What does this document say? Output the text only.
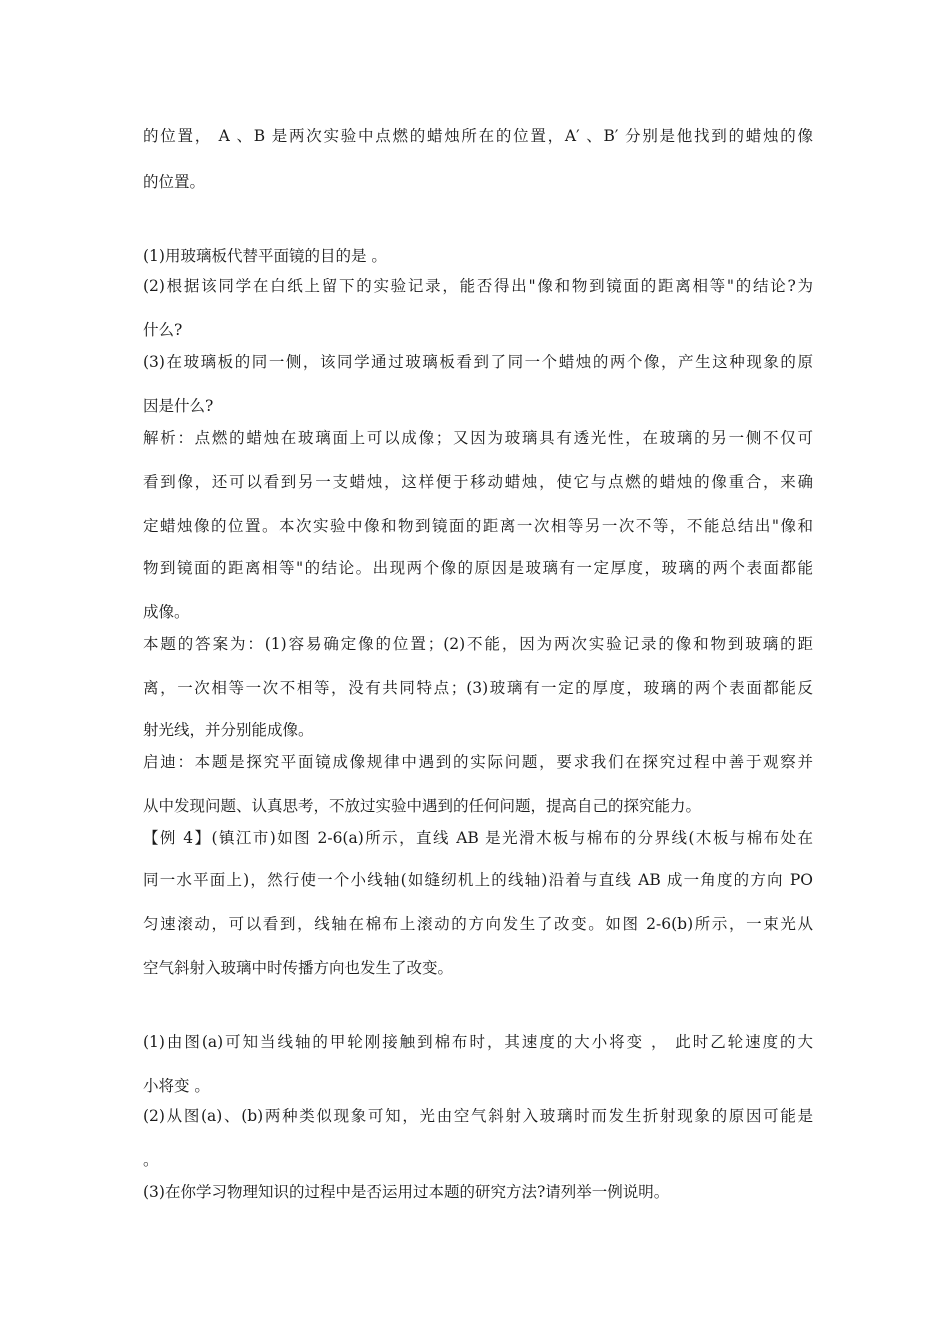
的位置， A 、B 是两次实验中点燃的蜡烛所在的位置，A′ 、B′ 分别是他找到的蜡烛的像
的位置。
(1)用玻璃板代替平面镜的目的是 。
(2)根据该同学在白纸上留下的实验记录，能否得出"像和物到镜面的距离相等"的结论?为
什么?
(3)在玻璃板的同一侧，该同学通过玻璃板看到了同一个蜡烛的两个像，产生这种现象的原
因是什么?
解析：点燃的蜡烛在玻璃面上可以成像；又因为玻璃具有透光性，在玻璃的另一侧不仅可
看到像，还可以看到另一支蜡烛，这样便于移动蜡烛，使它与点燃的蜡烛的像重合，来确
定蜡烛像的位置。本次实验中像和物到镜面的距离一次相等另一次不等，不能总结出"像和
物到镜面的距离相等"的结论。出现两个像的原因是玻璃有一定厚度，玻璃的两个表面都能
成像。
本题的答案为：(1)容易确定像的位置；(2)不能，因为两次实验记录的像和物到玻璃的距
离，一次相等一次不相等，没有共同特点；(3)玻璃有一定的厚度，玻璃的两个表面都能反
射光线，并分别能成像。
启迪：本题是探究平面镜成像规律中遇到的实际问题，要求我们在探究过程中善于观察并
从中发现问题、认真思考，不放过实验中遇到的任何问题，提高自己的探究能力。
【例 4】(镇江市)如图 2-6(a)所示，直线 AB 是光滑木板与棉布的分界线(木板与棉布处在
同一水平面上)，然行使一个小线轴(如缝纫机上的线轴)沿着与直线 AB 成一角度的方向 PO
匀速滚动，可以看到，线轴在棉布上滚动的方向发生了改变。如图 2-6(b)所示，一束光从
空气斜射入玻璃中时传播方向也发生了改变。
(1)由图(a)可知当线轴的甲轮刚接触到棉布时，其速度的大小将变 ， 此时乙轮速度的大
小将变 。
(2)从图(a)、(b)两种类似现象可知，光由空气斜射入玻璃时而发生折射现象的原因可能是
。
(3)在你学习物理知识的过程中是否运用过本题的研究方法?请列举一例说明。
